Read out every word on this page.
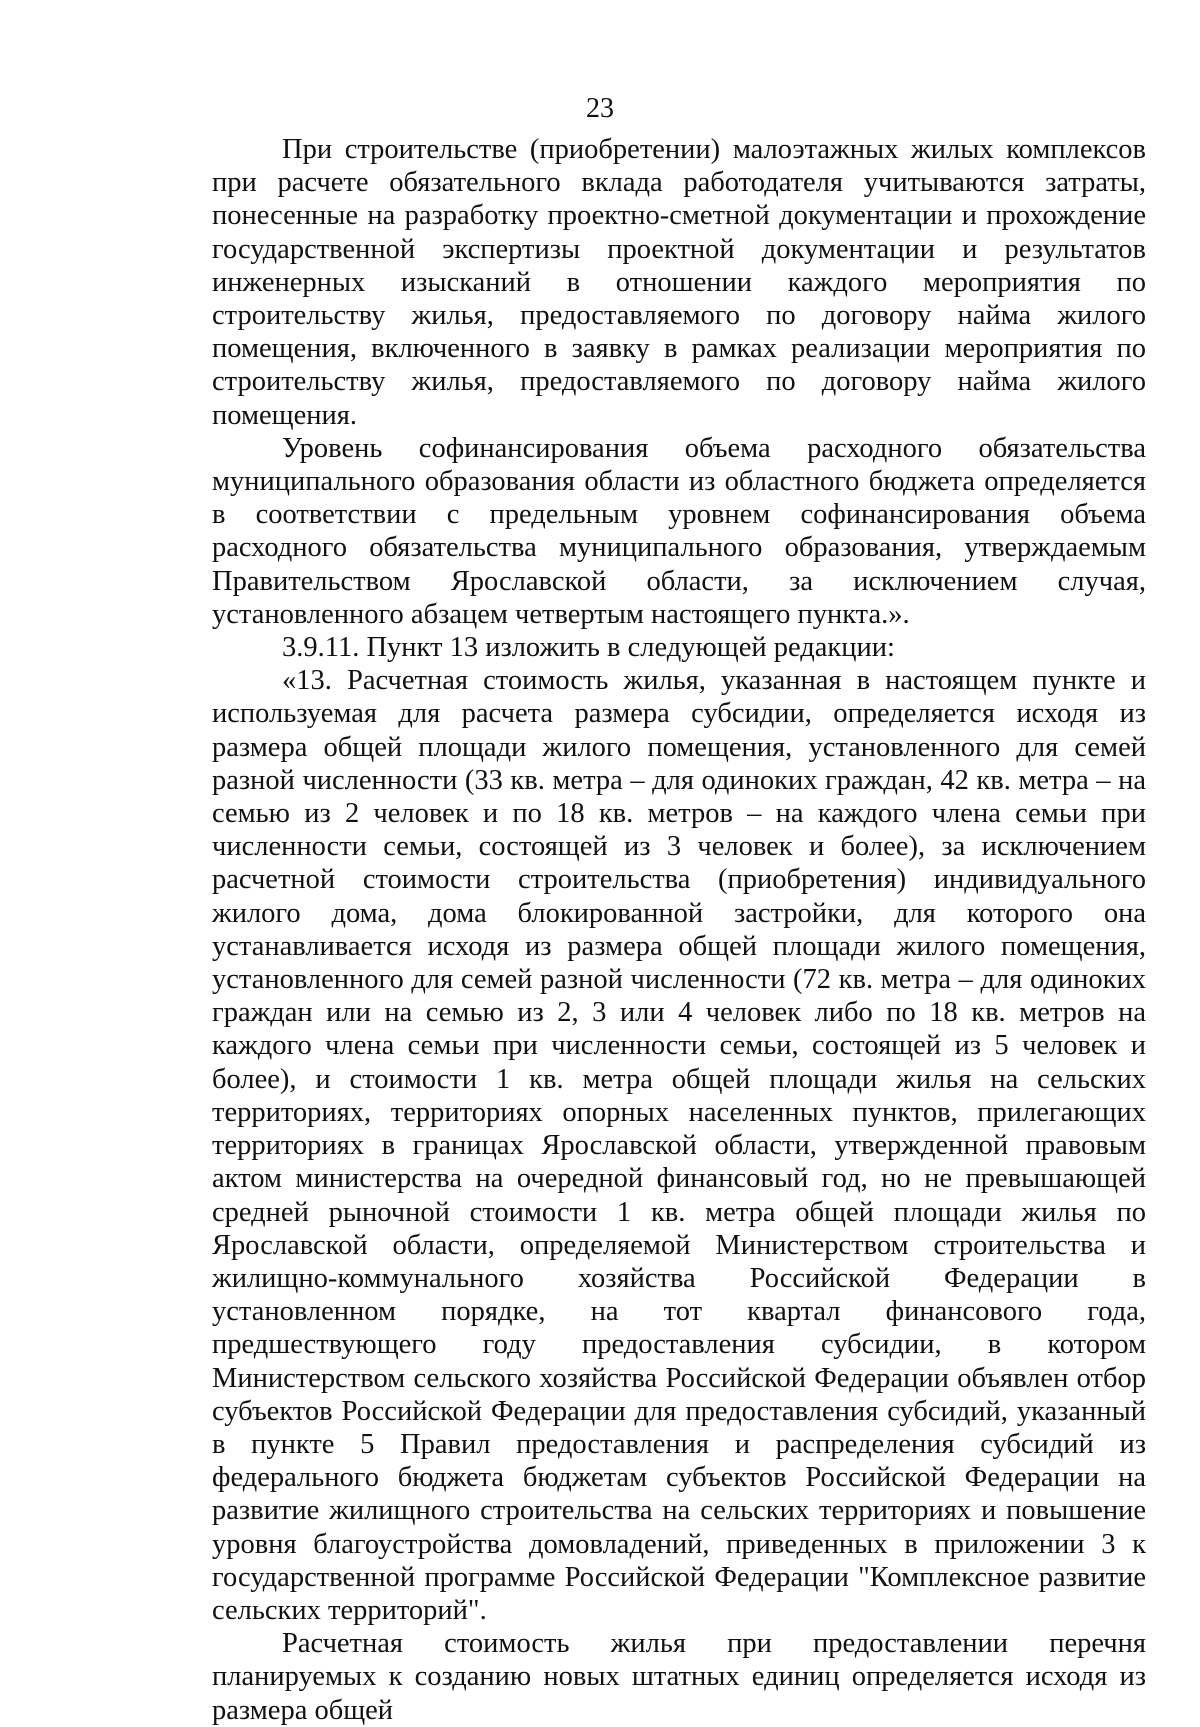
23

При строительстве (приобретении) малоэтажных жилых комплексов при расчете обязательного вклада работодателя учитываются затраты, понесенные на разработку проектно-сметной документации и прохождение государственной экспертизы проектной документации и результатов инженерных изысканий в отношении каждого мероприятия по строительству жилья, предоставляемого по договору найма жилого помещения, включенного в заявку в рамках реализации мероприятия по строительству жилья, предоставляемого по договору найма жилого помещения.

Уровень софинансирования объема расходного обязательства муниципального образования области из областного бюджета определяется в соответствии с предельным уровнем софинансирования объема расходного обязательства муниципального образования, утверждаемым Правительством Ярославской области, за исключением случая, установленного абзацем четвертым настоящего пункта.».

3.9.11. Пункт 13 изложить в следующей редакции:

«13. Расчетная стоимость жилья, указанная в настоящем пункте и используемая для расчета размера субсидии, определяется исходя из размера общей площади жилого помещения, установленного для семей разной численности (33 кв. метра – для одиноких граждан, 42 кв. метра – на семью из 2 человек и по 18 кв. метров – на каждого члена семьи при численности семьи, состоящей из 3 человек и более), за исключением расчетной стоимости строительства (приобретения) индивидуального жилого дома, дома блокированной застройки, для которого она устанавливается исходя из размера общей площади жилого помещения, установленного для семей разной численности (72 кв. метра – для одиноких граждан или на семью из 2, 3 или 4 человек либо по 18 кв. метров на каждого члена семьи при численности семьи, состоящей из 5 человек и более), и стоимости 1 кв. метра общей площади жилья на сельских территориях, территориях опорных населенных пунктов, прилегающих территориях в границах Ярославской области, утвержденной правовым актом министерства на очередной финансовый год, но не превышающей средней рыночной стоимости 1 кв. метра общей площади жилья по Ярославской области, определяемой Министерством строительства и жилищно-коммунального хозяйства Российской Федерации в установленном порядке, на тот квартал финансового года, предшествующего году предоставления субсидии, в котором Министерством сельского хозяйства Российской Федерации объявлен отбор субъектов Российской Федерации для предоставления субсидий, указанный в пункте 5 Правил предоставления и распределения субсидий из федерального бюджета бюджетам субъектов Российской Федерации на развитие жилищного строительства на сельских территориях и повышение уровня благоустройства домовладений, приведенных в приложении 3 к государственной программе Российской Федерации "Комплексное развитие сельских территорий".

Расчетная стоимость жилья при предоставлении перечня планируемых к созданию новых штатных единиц определяется исходя из размера общей
